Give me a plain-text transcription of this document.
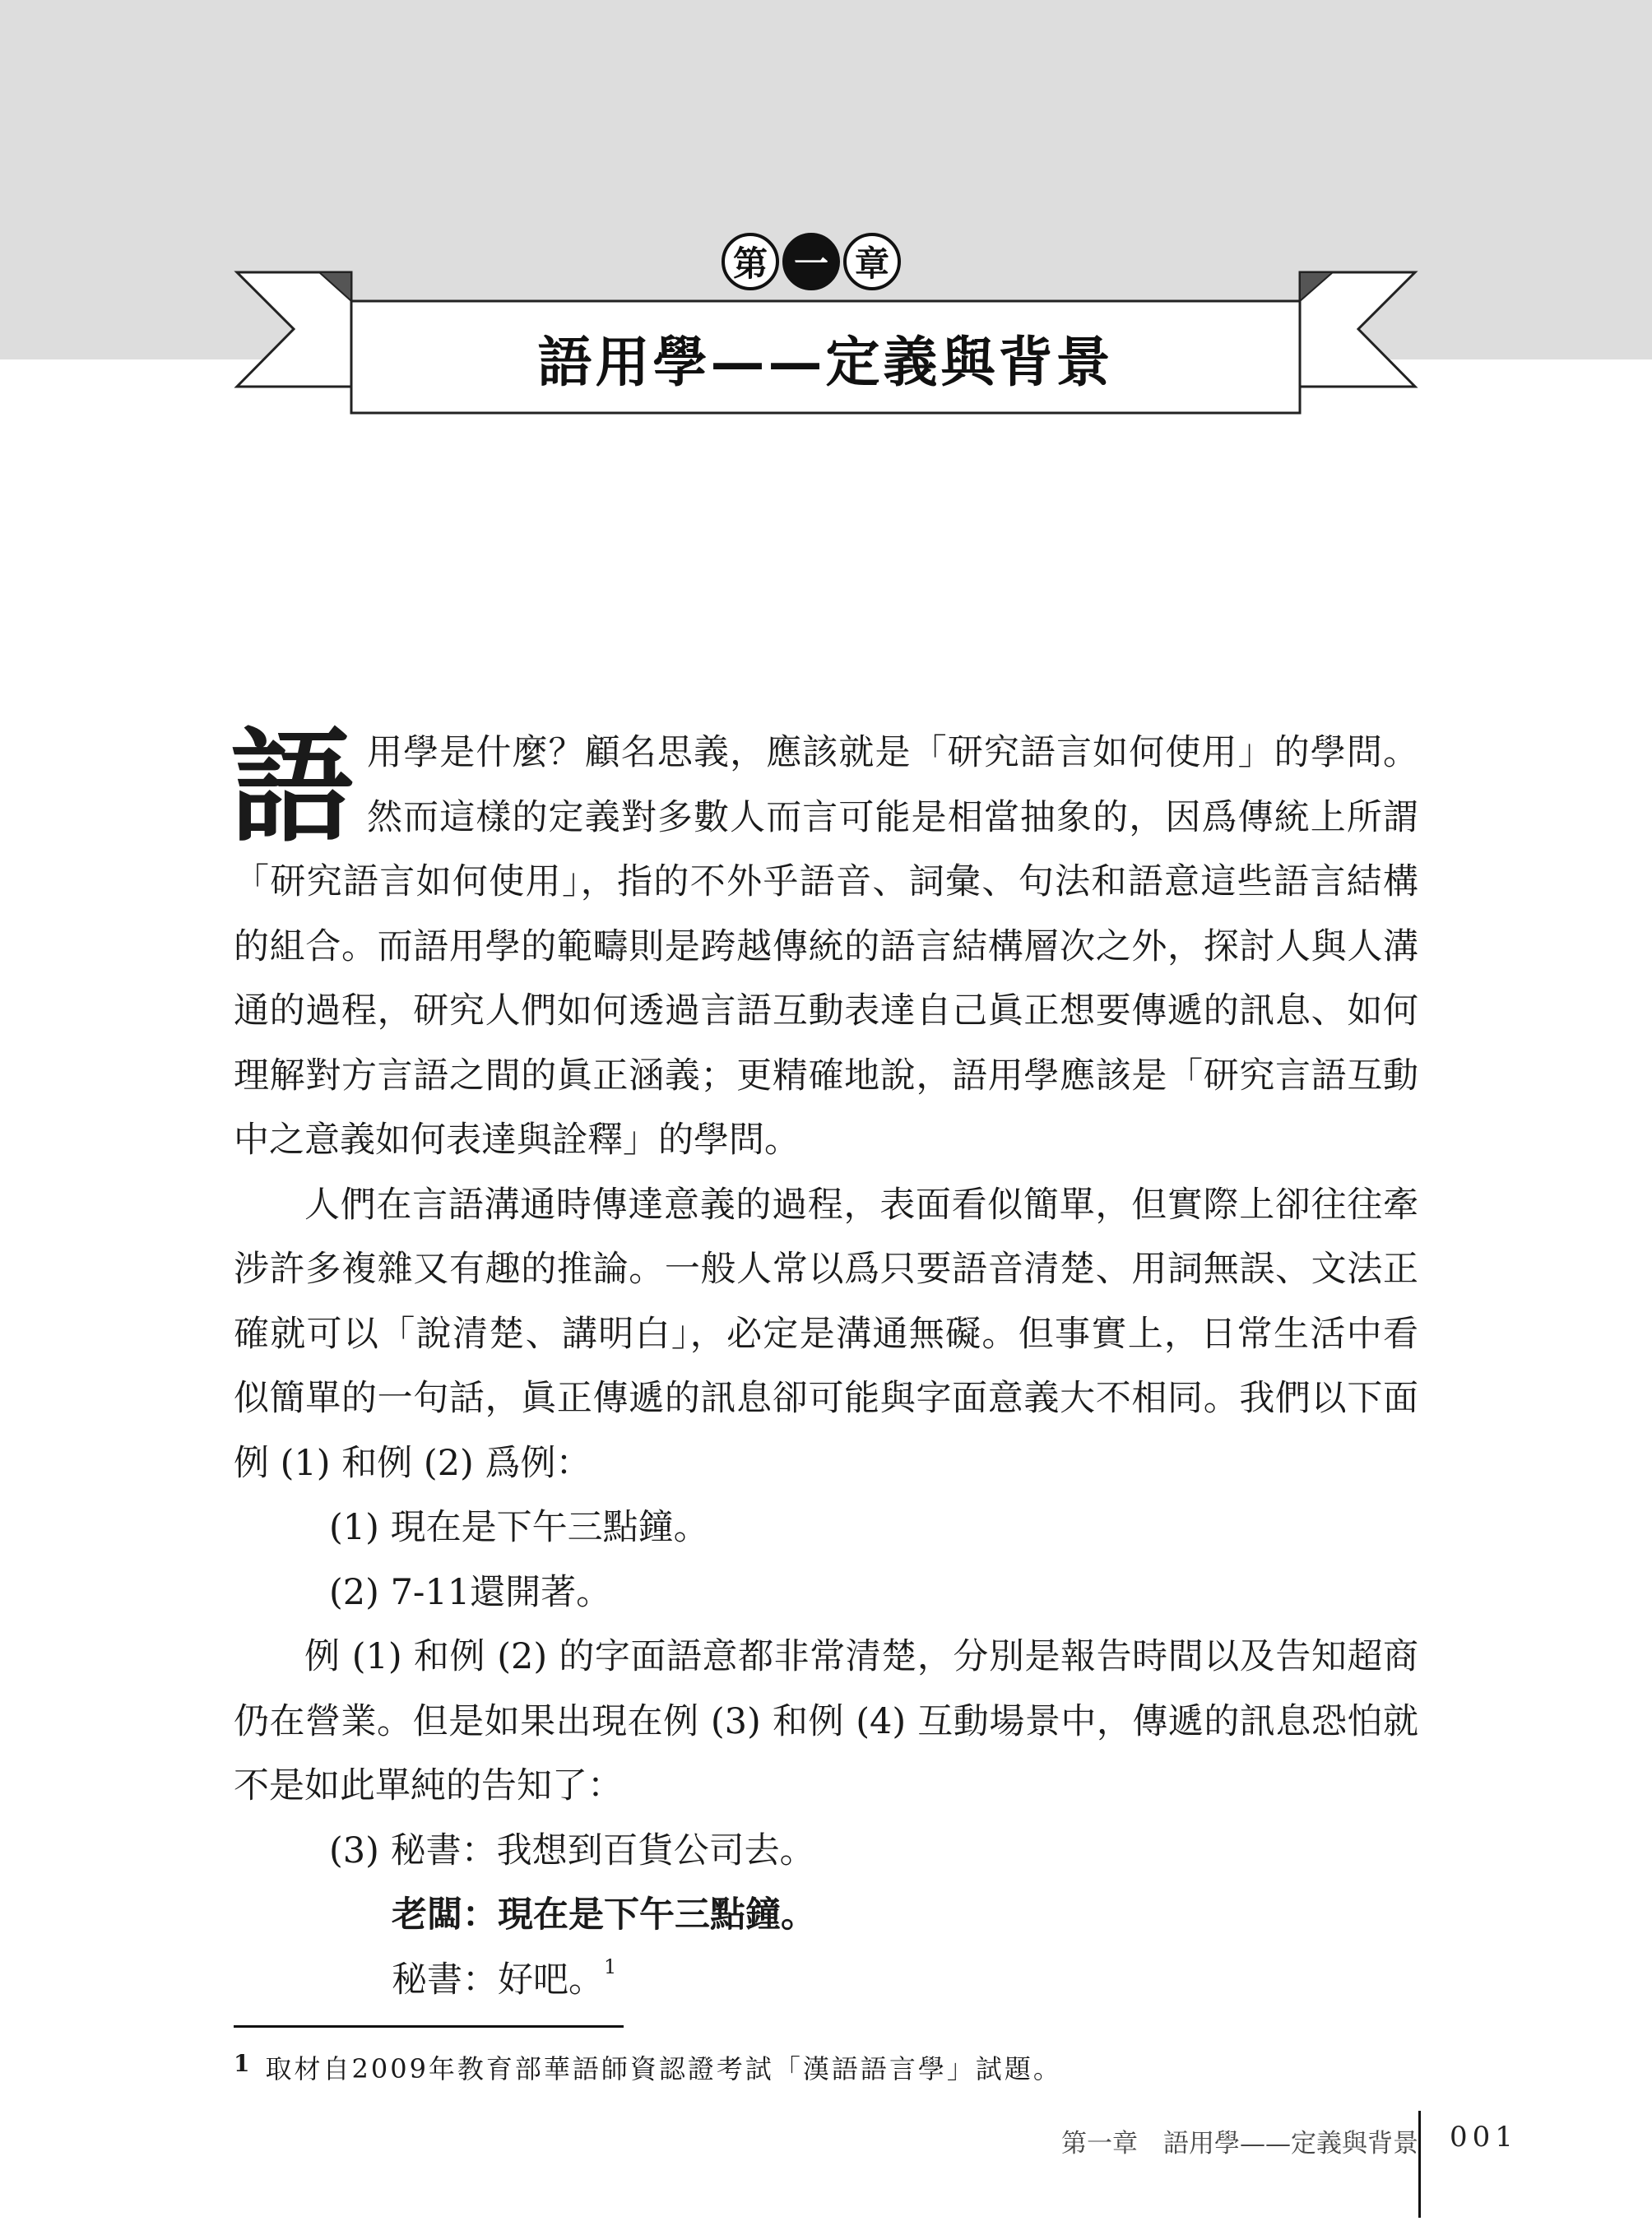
第 一 章
語用學——定義與背景

語用學是什麼？顧名思義，應該就是「研究語言如何使用」的學問。然而這樣的定義對多數人而言可能是相當抽象的，因爲傳統上所謂「研究語言如何使用」，指的不外乎語音、詞彙、句法和語意這些語言結構的組合。而語用學的範疇則是跨越傳統的語言結構層次之外，探討人與人溝通的過程，研究人們如何透過言語互動表達自己眞正想要傳遞的訊息、如何理解對方言語之間的眞正涵義；更精確地說，語用學應該是「研究言語互動中之意義如何表達與詮釋」的學問。

人們在言語溝通時傳達意義的過程，表面看似簡單，但實際上卻往往牽涉許多複雜又有趣的推論。一般人常以爲只要語音清楚、用詞無誤、文法正確就可以「說清楚、講明白」，必定是溝通無礙。但事實上，日常生活中看似簡單的一句話，眞正傳遞的訊息卻可能與字面意義大不相同。我們以下面例 (1) 和例 (2) 爲例：

(1) 現在是下午三點鐘。

(2) 7-11還開著。

例 (1) 和例 (2) 的字面語意都非常清楚，分別是報告時間以及告知超商仍在營業。但是如果出現在例 (3) 和例 (4) 互動場景中，傳遞的訊息恐怕就不是如此單純的告知了：

(3) 秘書：我想到百貨公司去。

老闆：現在是下午三點鐘。

秘書：好吧。$^1$

1 取材自2009年教育部華語師資認證考試「漢語語言學」試題。
第一章　語用學——定義與背景 001
